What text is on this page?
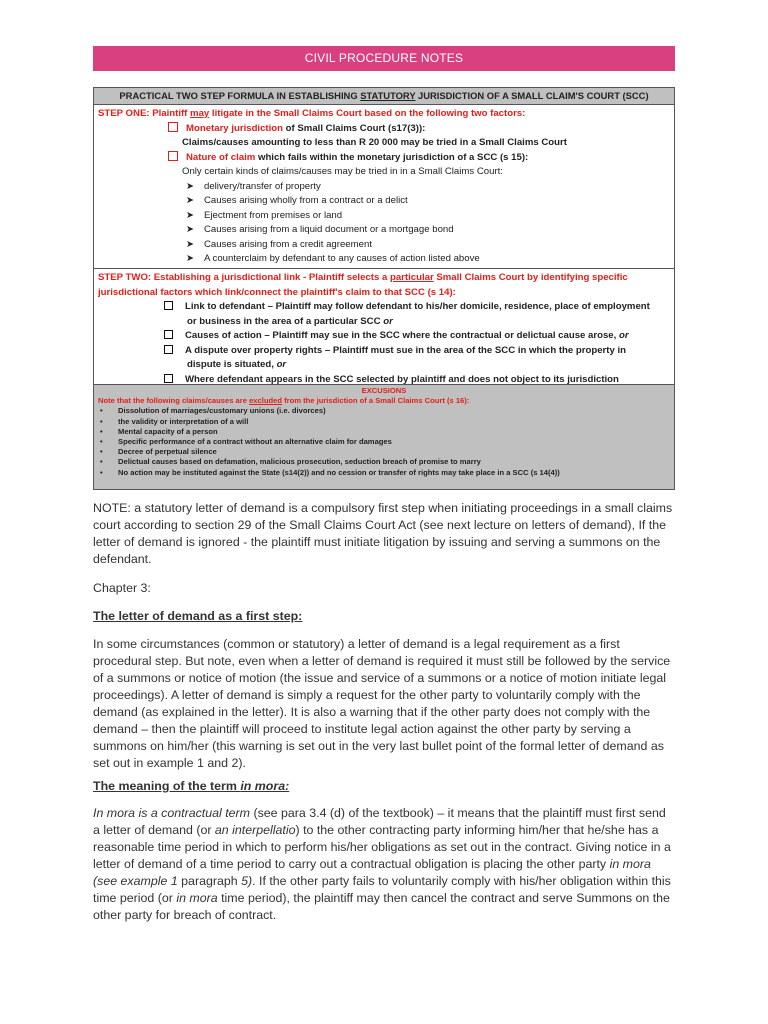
CIVIL PROCEDURE NOTES
PRACTICAL TWO STEP FORMULA IN ESTABLISHING STATUTORY JURISDICTION OF A SMALL CLAIM'S COURT (SCC)
STEP ONE: Plaintiff may litigate in the Small Claims Court based on the following two factors:
Monetary jurisdiction of Small Claims Court (s17(3)):
Claims/causes amounting to less than R 20 000 may be tried in a Small Claims Court
Nature of claim which fails within the monetary jurisdiction of a SCC (s 15):
Only certain kinds of claims/causes may be tried in in a Small Claims Court:
➤ delivery/transfer of property
➤ Causes arising wholly from a contract or a delict
➤ Ejectment from premises or land
➤ Causes arising from a liquid document or a mortgage bond
➤ Causes arising from a credit agreement
➤ A counterclaim by defendant to any causes of action listed above
STEP TWO: Establishing a jurisdictional link - Plaintiff selects a particular Small Claims Court by identifying specific
jurisdictional factors which link/connect the plaintiff's claim to that SCC (s 14):
Link to defendant – Plaintiff may follow defendant to his/her domicile, residence, place of employment
or business in the area of a particular SCC or
Causes of action – Plaintiff may sue in the SCC where the contractual or delictual cause arose, or
A dispute over property rights – Plaintiff must sue in the area of the SCC in which the property in
dispute is situated, or
Where defendant appears in the SCC selected by plaintiff and does not object to its jurisdiction
EXCUSIONS
Note that the following claims/causes are excluded from the jurisdiction of a Small Claims Court (s 16):
• Dissolution of marriages/customary unions (i.e. divorces)
• the validity or interpretation of a will
• Mental capacity of a person
• Specific performance of a contract without an alternative claim for damages
• Decree of perpetual silence
• Delictual causes based on defamation, malicious prosecution, seduction breach of promise to marry
• No action may be instituted against the State (s14(2)) and no cession or transfer of rights may take place in a SCC (s 14(4))
NOTE: a statutory letter of demand is a compulsory first step when initiating proceedings in a small claims court according to section 29 of the Small Claims Court Act (see next lecture on letters of demand), If the letter of demand is ignored - the plaintiff must initiate litigation by issuing and serving a summons on the defendant.
Chapter 3:
The letter of demand as a first step:
In some circumstances (common or statutory) a letter of demand is a legal requirement as a first procedural step. But note, even when a letter of demand is required it must still be followed by the service of a summons or notice of motion (the issue and service of a summons or a notice of motion initiate legal proceedings). A letter of demand is simply a request for the other party to voluntarily comply with the demand (as explained in the letter). It is also a warning that if the other party does not comply with the demand – then the plaintiff will proceed to institute legal action against the other party by serving a summons on him/her (this warning is set out in the very last bullet point of the formal letter of demand as set out in example 1 and 2).
The meaning of the term in mora:
In mora is a contractual term (see para 3.4 (d) of the textbook) – it means that the plaintiff must first send a letter of demand (or an interpellatio) to the other contracting party informing him/her that he/she has a reasonable time period in which to perform his/her obligations as set out in the contract. Giving notice in a letter of demand of a time period to carry out a contractual obligation is placing the other party in mora (see example 1 paragraph 5). If the other party fails to voluntarily comply with his/her obligation within this time period (or in mora time period), the plaintiff may then cancel the contract and serve Summons on the other party for breach of contract.
